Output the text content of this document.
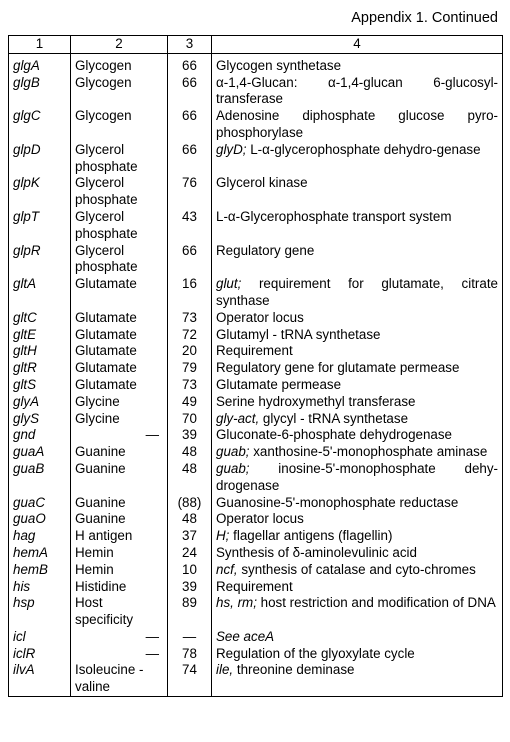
Appendix 1. Continued
1	2	3	4
glgA	Glycogen	66	Glycogen synthetase
glgB	Glycogen	66	α-1,4-Glucan: α-1,4-glucan 6-glucosyl-transferase
glgC	Glycogen	66	Adenosine diphosphate glucose pyro-phosphorylase
glpD	Glycerol phosphate	66	glyD; L-α-glycerophosphate dehydro-genase
glpK	Glycerol phosphate	76	Glycerol kinase
glpT	Glycerol phosphate	43	L-α-Glycerophosphate transport system
glpR	Glycerol phosphate	66	Regulatory gene
gltA	Glutamate	16	glut; requirement for glutamate, citrate synthase
gltC	Glutamate	73	Operator locus
gltE	Glutamate	72	Glutamyl - tRNA synthetase
gltH	Glutamate	20	Requirement
gltR	Glutamate	79	Regulatory gene for glutamate permease
gltS	Glutamate	73	Glutamate permease
glyA	Glycine	49	Serine hydroxymethyl transferase
glyS	Glycine	70	gly-act, glycyl - tRNA synthetase
gnd	—	39	Gluconate-6-phosphate dehydrogenase
guaA	Guanine	48	guab; xanthosine-5'-monophosphate aminase
guaB	Guanine	48	guab; inosine-5'-monophosphate dehy-drogenase
guaC	Guanine	(88)	Guanosine-5'-monophosphate reductase
guaO	Guanine	48	Operator locus
hag	H antigen	37	H; flagellar antigens (flagellin)
hemA	Hemin	24	Synthesis of δ-aminolevulinic acid
hemB	Hemin	10	ncf, synthesis of catalase and cyto-chromes
his	Histidine	39	Requirement
hsp	Host specificity	89	hs, rm; host restriction and modification of DNA
icl	—	—	See aceA
iclR	—	78	Regulation of the glyoxylate cycle
ilvA	Isoleucine - valine	74	ile, threonine deminase
